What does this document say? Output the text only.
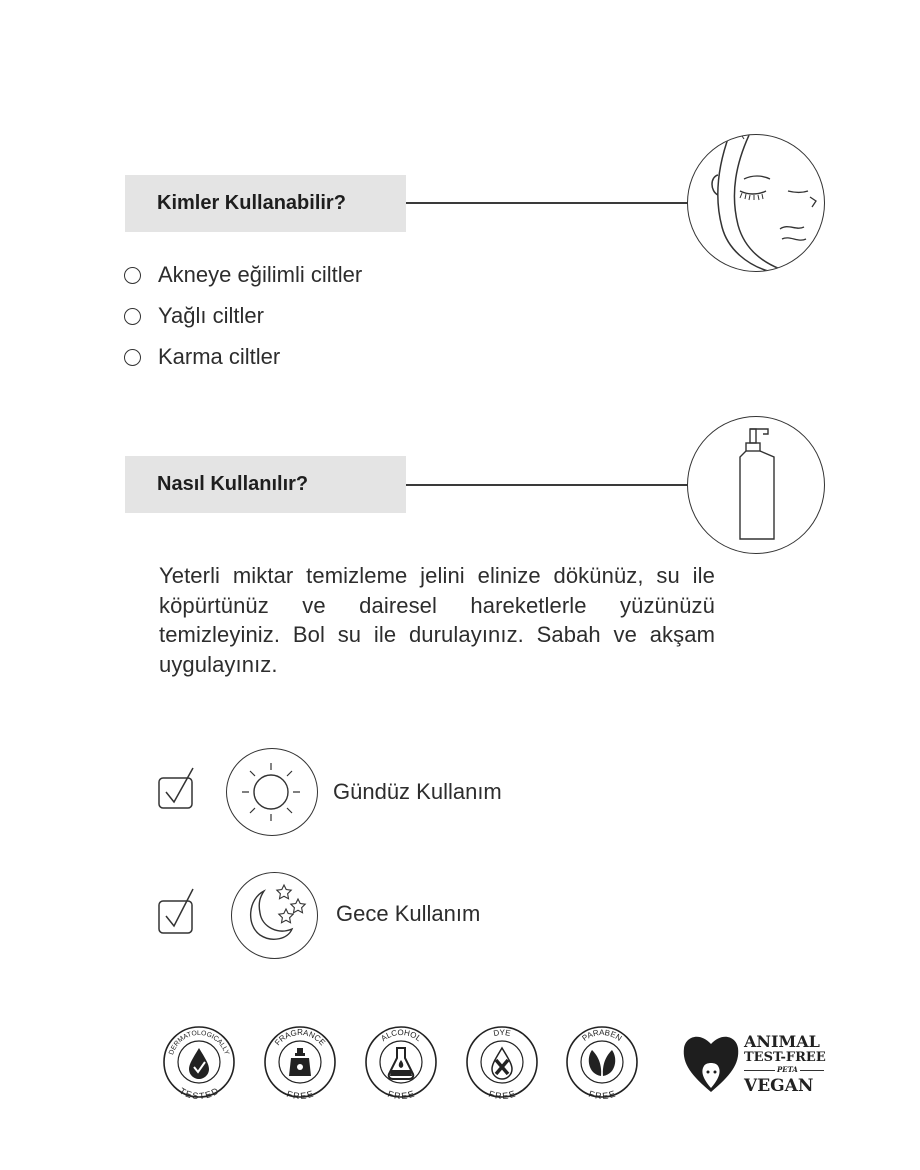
Kimler Kullanabilir?
Akneye eğilimli ciltler
Yağlı ciltler
Karma ciltler
Nasıl Kullanılır?
Yeterli miktar temizleme jelini elinize dökünüz, su ile köpürtünüz ve dairesel hareketlerle yüzünüzü temizleyiniz. Bol su ile durulayınız. Sabah ve akşam uygulayınız.
Gündüz Kullanım
Gece Kullanım
DERMATOLOGICALLY
TESTED
FRAGRANCE
FREE
ALCOHOL
FREE
DYE
FREE
PARABEN
FREE
ANIMAL
TEST-FREE
PETA
VEGAN
